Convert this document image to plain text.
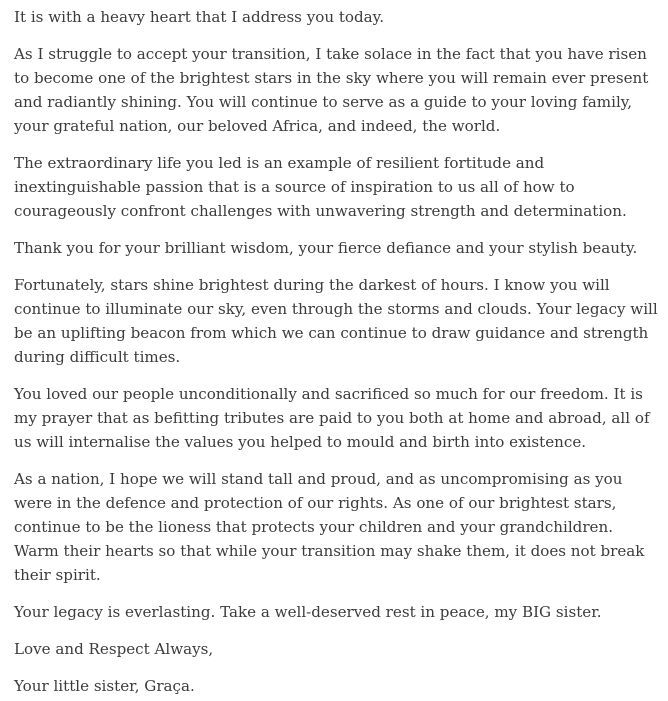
It is with a heavy heart that I address you today.

As I struggle to accept your transition, I take solace in the fact that you have risen to become one of the brightest stars in the sky where you will remain ever present and radiantly shining. You will continue to serve as a guide to your loving family, your grateful nation, our beloved Africa, and indeed, the world.

The extraordinary life you led is an example of resilient fortitude and inextinguishable passion that is a source of inspiration to us all of how to courageously confront challenges with unwavering strength and determination.

Thank you for your brilliant wisdom, your fierce defiance and your stylish beauty.

Fortunately, stars shine brightest during the darkest of hours. I know you will continue to illuminate our sky, even through the storms and clouds. Your legacy will be an uplifting beacon from which we can continue to draw guidance and strength during difficult times.

You loved our people unconditionally and sacrificed so much for our freedom. It is my prayer that as befitting tributes are paid to you both at home and abroad, all of us will internalise the values you helped to mould and birth into existence.

As a nation, I hope we will stand tall and proud, and as uncompromising as you were in the defence and protection of our rights. As one of our brightest stars, continue to be the lioness that protects your children and your grandchildren. Warm their hearts so that while your transition may shake them, it does not break their spirit.

Your legacy is everlasting. Take a well-deserved rest in peace, my BIG sister.

Love and Respect Always,

Your little sister, Graça.
